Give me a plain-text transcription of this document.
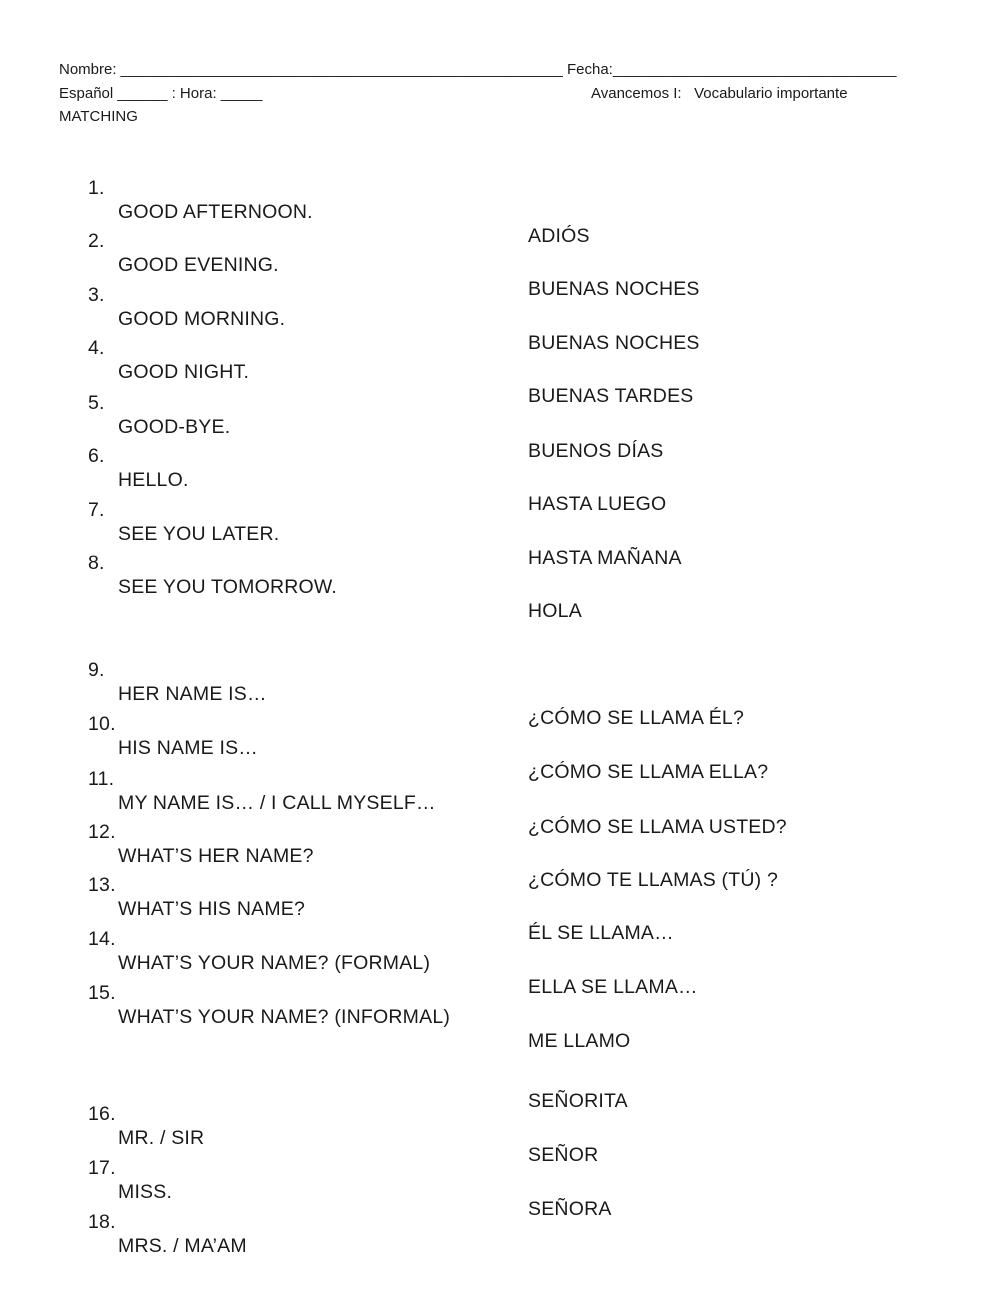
Nombre: _____________________________________________________ Fecha:__________________________________
Español ______ : Hora: _____	Avancemos I:   Vocabulario importante
MATCHING

1.

GOOD AFTERNOON.

ADIÓS

2.

GOOD EVENING.

BUENAS NOCHES

3.

GOOD MORNING.

BUENAS NOCHES

4.

GOOD NIGHT.

BUENAS TARDES

5.

GOOD-BYE.

BUENOS DÍAS

6.

HELLO.

HASTA LUEGO

7.

SEE YOU LATER.

HASTA MAÑANA

8.

SEE YOU TOMORROW.

HOLA

9.

HER NAME IS…

¿CÓMO SE LLAMA ÉL?

10.

HIS NAME IS…

¿CÓMO SE LLAMA ELLA?

11.

MY NAME IS… / I CALL MYSELF…

¿CÓMO SE LLAMA USTED?

12.

WHAT’S HER NAME?

¿CÓMO TE LLAMAS (TÚ) ?

13.

WHAT’S HIS NAME?

ÉL SE LLAMA…

14.

WHAT’S YOUR NAME? (FORMAL)

ELLA SE LLAMA…

15.

WHAT’S YOUR NAME? (INFORMAL)

ME LLAMO

SEÑORITA

16.

MR. / SIR

SEÑOR

17.

MISS.

SEÑORA

18.

MRS. / MA’AM
